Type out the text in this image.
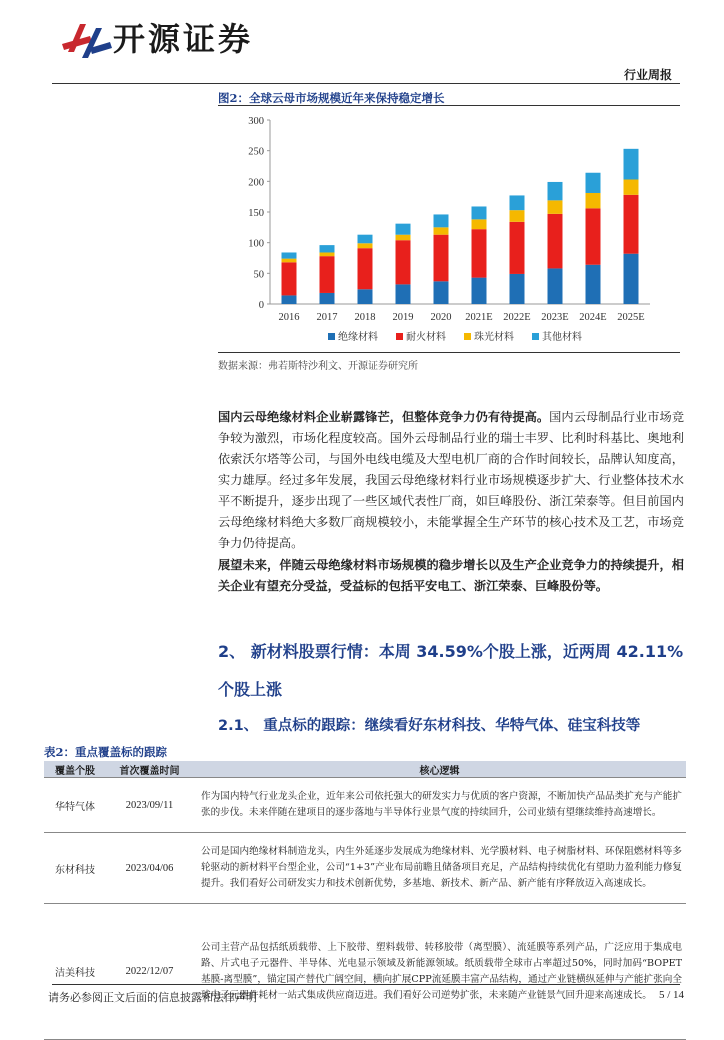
开源证券
行业周报
图2：全球云母市场规模近年来保持稳定增长
0
50
100
150
200
250
300
2016 2017 2018 2019 2020 2021E 2022E 2023E 2024E 2025E
绝缘材料	耐火材料	珠光材料	其他材料
数据来源：弗若斯特沙利文、开源证券研究所
国内云母绝缘材料企业崭露锋芒，但整体竞争力仍有待提高。国内云母制品行业市场竞争较为激烈，市场化程度较高。国外云母制品行业的瑞士丰罗、比利时科基比、奥地利依索沃尔塔等公司，与国外电线电缆及大型电机厂商的合作时间较长，品牌认知度高，实力雄厚。经过多年发展，我国云母绝缘材料行业市场规模逐步扩大、行业整体技术水平不断提升，逐步出现了一些区域代表性厂商，如巨峰股份、浙江荣泰等。但目前国内云母绝缘材料绝大多数厂商规模较小，未能掌握全生产环节的核心技术及工艺，市场竞争力仍待提高。
展望未来，伴随云母绝缘材料市场规模的稳步增长以及生产企业竞争力的持续提升，相关企业有望充分受益，受益标的包括平安电工、浙江荣泰、巨峰股份等。
2、 新材料股票行情：本周 34.59%个股上涨，近两周 42.11%
个股上涨
2.1、 重点标的跟踪：继续看好东材科技、华特气体、硅宝科技等
表2：重点覆盖标的跟踪
覆盖个股	首次覆盖时间	核心逻辑
华特气体	2023/09/11	作为国内特气行业龙头企业，近年来公司依托强大的研发实力与优质的客户资源，不断加快产品品类扩充与产能扩张的步伐。未来伴随在建项目的逐步落地与半导体行业景气度的持续回升，公司业绩有望继续维持高速增长。
东材科技	2023/04/06	公司是国内绝缘材料制造龙头，内生外延逐步发展成为绝缘材料、光学膜材料、电子树脂材料、环保阻燃材料等多轮驱动的新材料平台型企业，公司“1+3”产业布局前瞻且储备项目充足，产品结构持续优化有望助力盈利能力修复提升。我们看好公司研发实力和技术创新优势，多基地、新技术、新产品、新产能有序释放迈入高速成长。
洁美科技	2022/12/07	公司主营产品包括纸质载带、上下胶带、塑料载带、转移胶带（离型膜）、流延膜等系列产品，广泛应用于集成电路、片式电子元器件、半导体、光电显示领域及新能源领域。纸质载带全球市占率超过50%，同时加码“BOPET基膜-离型膜”，锚定国产替代广阔空间，横向扩展CPP流延膜丰富产品结构，通过产业链横纵延伸与产能扩张向全球电子元器件耗材一站式集成供应商迈进。我们看好公司逆势扩张，未来随产业链景气回升迎来高速成长。
请务必参阅正文后面的信息披露和法律声明	5 / 14
